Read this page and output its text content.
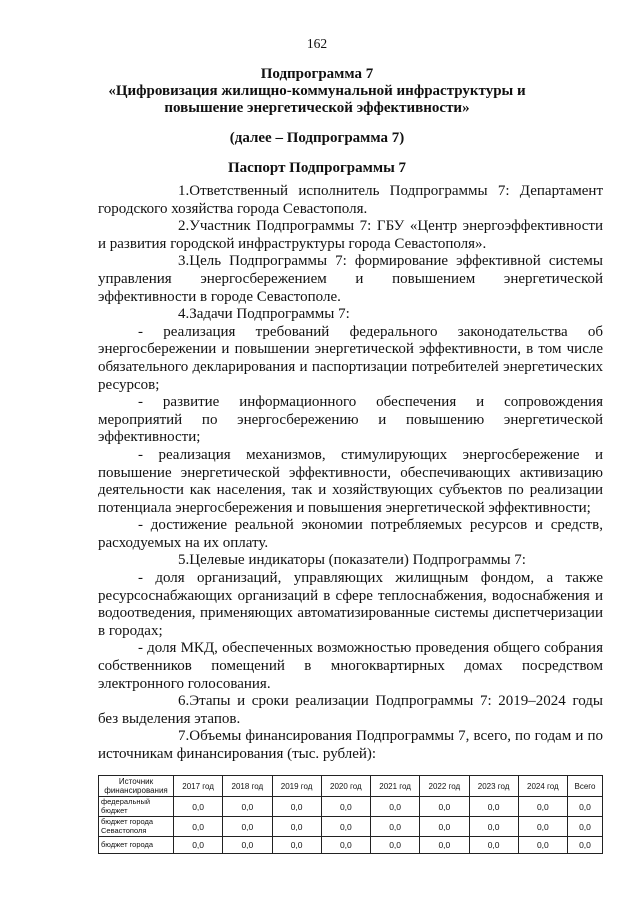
162
Подпрограмма 7
«Цифровизация жилищно-коммунальной инфраструктуры и
повышение энергетической эффективности»
(далее – Подпрограмма 7)
Паспорт Подпрограммы 7

1.Ответственный исполнитель Подпрограммы 7: Департамент городского хозяйства города Севастополя.

2.Участник Подпрограммы 7: ГБУ «Центр энергоэффективности и развития городской инфраструктуры города Севастополя».

3.Цель Подпрограммы 7: формирование эффективной системы управления энергосбережением и повышением энергетической эффективности в городе Севастополе.

4.Задачи Подпрограммы 7:

- реализация требований федерального законодательства об энергосбережении и повышении энергетической эффективности, в том числе обязательного декларирования и паспортизации потребителей энергетических ресурсов;

- развитие информационного обеспечения и сопровождения мероприятий по энергосбережению и повышению энергетической эффективности;

- реализация механизмов, стимулирующих энергосбережение и повышение энергетической эффективности, обеспечивающих активизацию деятельности как населения, так и хозяйствующих субъектов по реализации потенциала энергосбережения и повышения энергетической эффективности;

- достижение реальной экономии потребляемых ресурсов и средств, расходуемых на их оплату.

5.Целевые индикаторы (показатели) Подпрограммы 7:

- доля организаций, управляющих жилищным фондом, а также ресурсоснабжающих организаций в сфере теплоснабжения, водоснабжения и водоотведения, применяющих автоматизированные системы диспетчеризации в городах;

- доля МКД, обеспеченных возможностью проведения общего собрания собственников помещений в многоквартирных домах посредством электронного голосования.

6.Этапы и сроки реализации Подпрограммы 7: 2019–2024 годы без выделения этапов.

7.Объемы финансирования Подпрограммы 7, всего, по годам и по источникам финансирования (тыс. рублей):

Источник финансирования	2017 год	2018 год	2019 год	2020 год	2021 год	2022 год	2023 год	2024 год	Всего
федеральный бюджет	0,0	0,0	0,0	0,0	0,0	0,0	0,0	0,0	0,0
бюджет города Севастополя	0,0	0,0	0,0	0,0	0,0	0,0	0,0	0,0	0,0
бюджет города	0,0	0,0	0,0	0,0	0,0	0,0	0,0	0,0	0,0
